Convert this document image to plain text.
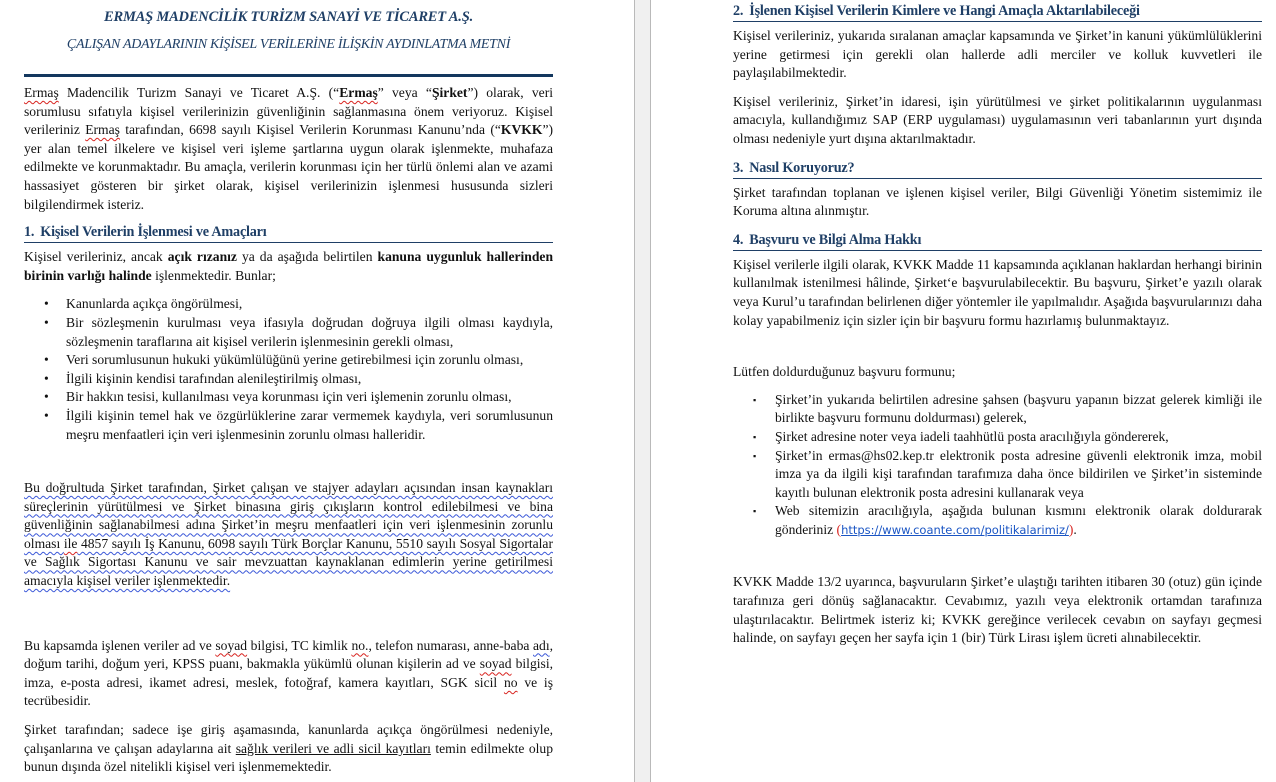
ERMAŞ MADENCİLİK TURİZM SANAYİ VE TİCARET A.Ş.
ÇALIŞAN ADAYLARININ KİŞİSEL VERİLERİNE İLİŞKİN AYDINLATMA METNİ

Ermaş Madencilik Turizm Sanayi ve Ticaret A.Ş. (“Ermaş” veya “Şirket”) olarak, veri sorumlusu sıfatıyla kişisel verilerinizin güvenliğinin sağlanmasına önem veriyoruz. Kişisel verileriniz Ermaş tarafından, 6698 sayılı Kişisel Verilerin Korunması Kanunu’nda (“KVKK”) yer alan temel ilkelere ve kişisel veri işleme şartlarına uygun olarak işlenmekte, muhafaza edilmekte ve korunmaktadır. Bu amaçla, verilerin korunması için her türlü önlemi alan ve azami hassasiyet gösteren bir şirket olarak, kişisel verilerinizin işlenmesi hususunda sizleri bilgilendirmek isteriz.

1. Kişisel Verilerin İşlenmesi ve Amaçları

Kişisel verileriniz, ancak açık rızanız ya da aşağıda belirtilen kanuna uygunluk hallerinden birinin varlığı halinde işlenmektedir. Bunlar;

• Kanunlarda açıkça öngörülmesi,
• Bir sözleşmenin kurulması veya ifasıyla doğrudan doğruya ilgili olması kaydıyla, sözleşmenin taraflarına ait kişisel verilerin işlenmesinin gerekli olması,
• Veri sorumlusunun hukuki yükümlülüğünü yerine getirebilmesi için zorunlu olması,
• İlgili kişinin kendisi tarafından alenileştirilmiş olması,
• Bir hakkın tesisi, kullanılması veya korunması için veri işlemenin zorunlu olması,
• İlgili kişinin temel hak ve özgürlüklerine zarar vermemek kaydıyla, veri sorumlusunun meşru menfaatleri için veri işlenmesinin zorunlu olması halleridir.

Bu doğrultuda Şirket tarafından, Şirket çalışan ve stajyer adayları açısından insan kaynakları süreçlerinin yürütülmesi ve Şirket binasına giriş çıkışların kontrol edilebilmesi ve bina güvenliğinin sağlanabilmesi adına Şirket’in meşru menfaatleri için veri işlenmesinin zorunlu olması ile 4857 sayılı İş Kanunu, 6098 sayılı Türk Borçlar Kanunu, 5510 sayılı Sosyal Sigortalar ve Sağlık Sigortası Kanunu ve sair mevzuattan kaynaklanan edimlerin yerine getirilmesi amacıyla kişisel veriler işlenmektedir.

Bu kapsamda işlenen veriler ad ve soyad bilgisi, TC kimlik no., telefon numarası, anne-baba adı, doğum tarihi, doğum yeri, KPSS puanı, bakmakla yükümlü olunan kişilerin ad ve soyad bilgisi, imza, e-posta adresi, ikamet adresi, meslek, fotoğraf, kamera kayıtları, SGK sicil no ve iş tecrübesidir.

Şirket tarafından; sadece işe giriş aşamasında, kanunlarda açıkça öngörülmesi nedeniyle, çalışanlarına ve çalışan adaylarına ait sağlık verileri ve adli sicil kayıtları temin edilmekte olup bunun dışında özel nitelikli kişisel veri işlenmemektedir.

2. İşlenen Kişisel Verilerin Kimlere ve Hangi Amaçla Aktarılabileceği

Kişisel verileriniz, yukarıda sıralanan amaçlar kapsamında ve Şirket’in kanuni yükümlülüklerini yerine getirmesi için gerekli olan hallerde adli merciler ve kolluk kuvvetleri ile paylaşılabilmektedir.

Kişisel verileriniz, Şirket’in idaresi, işin yürütülmesi ve şirket politikalarının uygulanması amacıyla, kullandığımız SAP (ERP uygulaması) uygulamasının veri tabanlarının yurt dışında olması nedeniyle yurt dışına aktarılmaktadır.

3. Nasıl Koruyoruz?

Şirket tarafından toplanan ve işlenen kişisel veriler, Bilgi Güvenliği Yönetim sistemimiz ile Koruma altına alınmıştır.

4. Başvuru ve Bilgi Alma Hakkı

Kişisel verilerle ilgili olarak, KVKK Madde 11 kapsamında açıklanan haklardan herhangi birinin kullanılmak istenilmesi hâlinde, Şirket‘e başvurulabilecektir. Bu başvuru, Şirket’e yazılı olarak veya Kurul’u tarafından belirlenen diğer yöntemler ile yapılmalıdır. Aşağıda başvurularınızı daha kolay yapabilmeniz için sizler için bir başvuru formu hazırlamış bulunmaktayız.

Lütfen doldurduğunuz başvuru formunu;

▪ Şirket’in yukarıda belirtilen adresine şahsen (başvuru yapanın bizzat gelerek kimliği ile birlikte başvuru formunu doldurması) gelerek,
▪ Şirket adresine noter veya iadeli taahhütlü posta aracılığıyla göndererek,
▪ Şirket’in ermas@hs02.kep.tr elektronik posta adresine güvenli elektronik imza, mobil imza ya da ilgili kişi tarafından tarafımıza daha önce bildirilen ve Şirket’in sisteminde kayıtlı bulunan elektronik posta adresini kullanarak veya
▪ Web sitemizin aracılığıyla, aşağıda bulunan kısmını elektronik olarak doldurarak gönderiniz (https://www.coante.com/politikalarimiz/).

KVKK Madde 13/2 uyarınca, başvuruların Şirket’e ulaştığı tarihten itibaren 30 (otuz) gün içinde tarafınıza geri dönüş sağlanacaktır. Cevabımız, yazılı veya elektronik ortamdan tarafınıza ulaştırılacaktır. Belirtmek isteriz ki; KVKK gereğince verilecek cevabın on sayfayı geçmesi halinde, on sayfayı geçen her sayfa için 1 (bir) Türk Lirası işlem ücreti alınabilecektir.
